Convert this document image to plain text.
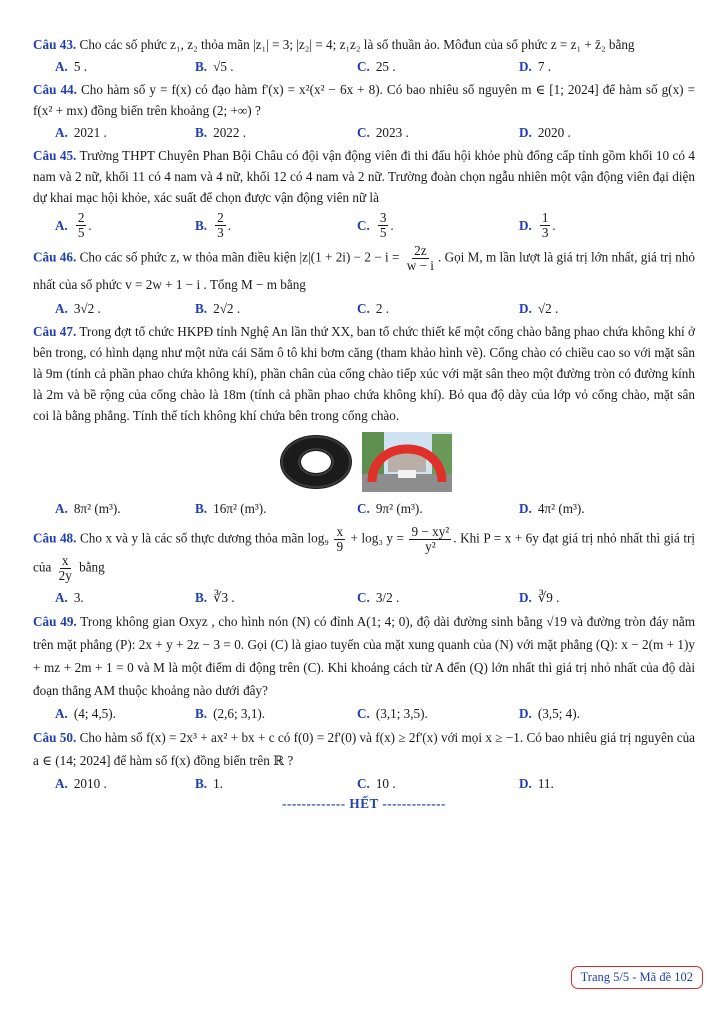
Câu 43. Cho các số phức z₁, z₂ thỏa mãn |z₁| = 3; |z₂| = 4; z₁z₂ là số thuần ảo. Môđun của số phức z = z₁ + z̄₂ bằng
A. 5 .	B. √5 .	C. 25 .	D. 7 .
Câu 44. Cho hàm số y = f(x) có đạo hàm f'(x) = x²(x² − 6x + 8). Có bao nhiêu số nguyên m ∈ [1; 2024] để hàm số g(x) = f(x² + mx) đồng biến trên khoảng (2; +∞) ?
A. 2021 .	B. 2022 .	C. 2023 .	D. 2020 .
Câu 45. Trường THPT Chuyên Phan Bội Châu có đội vận động viên đi thi đấu hội khỏe phù đổng cấp tỉnh gồm khối 10 có 4 nam và 2 nữ, khối 11 có 4 nam và 4 nữ, khối 12 có 4 nam và 2 nữ. Trường đoàn chọn ngẫu nhiên một vận động viên đại diện dự khai mạc hội khỏe, xác suất để chọn được vận động viên nữ là
A. $\frac{2}{5}$ .	B. $\frac{2}{3}$ .	C. $\frac{3}{5}$ .	D. $\frac{1}{3}$ .
Câu 46. Cho các số phức z, w thỏa mãn điều kiện $|z|(1 + 2i) - 2 - i = \frac{2z}{w - i}$ . Gọi M, m lần lượt là giá trị lớn nhất, giá trị nhỏ nhất của số phức v = 2w + 1 − i . Tổng M − m bằng
A. 3√2 .	B. 2√2 .	C. 2 .	D. √2 .
Câu 47. Trong đợt tổ chức HKPĐ tỉnh Nghệ An lần thứ XX, ban tổ chức thiết kế một cổng chào bằng phao chứa không khí ở bên trong, có hình dạng như một nửa cái Săm ô tô khi bơm căng (tham khảo hình vẽ). Cổng chào có chiều cao so với mặt sân là 9m (tính cả phần phao chứa không khí), phần chân của cổng chào tiếp xúc với mặt sân theo một đường tròn có đường kính là 2m và bề rộng của cổng chào là 18m (tính cả phần phao chứa không khí). Bỏ qua độ dày của lớp vỏ cổng chào, mặt sân coi là bằng phẳng. Tính thể tích không khí chứa bên trong cổng chào.
A. 8π² (m³).	B. 16π² (m³).	C. 9π² (m³).	D. 4π² (m³).
Câu 48. Cho x và y là các số thực dương thỏa mãn $\log_9 \frac{x}{9} + \log_3$ $y = \frac{\text{9 − xy²}}{\text{y²}}$ . Khi P = x + 6y đạt giá trị nhỏ nhất thì giá trị của $\frac{x}{2y}$ bằng
A. 3.	B. ∛3 .	C. 3/2 .	D. ∛9 .
Câu 49. Trong không gian Oxyz , cho hình nón (N) có đỉnh A(1; 4; 0), độ dài đường sinh bằng √19 và đường tròn đáy nằm trên mặt phẳng (P): 2x + y + 2z − 3 = 0. Gọi (C) là giao tuyến của mặt xung quanh của (N) với mặt phẳng (Q): x − 2(m + 1)y + mz + 2m + 1 = 0 và M là một điểm di động trên (C). Khi khoảng cách từ A đến (Q) lớn nhất thì giá trị nhỏ nhất của độ dài đoạn thẳng AM thuộc khoảng nào dưới đây?
A. (4; 4,5).	B. (2,6; 3,1).	C. (3,1; 3,5).	D. (3,5; 4).
Câu 50. Cho hàm số f(x) = 2x³ + ax² + bx + c có f(0) = 2f'(0) và f(x) ≥ 2f'(x) với mọi x ≥ −1. Có bao nhiêu giá trị nguyên của a ∈ (14; 2024] để hàm số f(x) đồng biến trên ℝ ?
A. 2010 .	B. 1.	C. 10 .	D. 11.
------------- HẾT -------------
Trang 5/5 - Mã đề 102
